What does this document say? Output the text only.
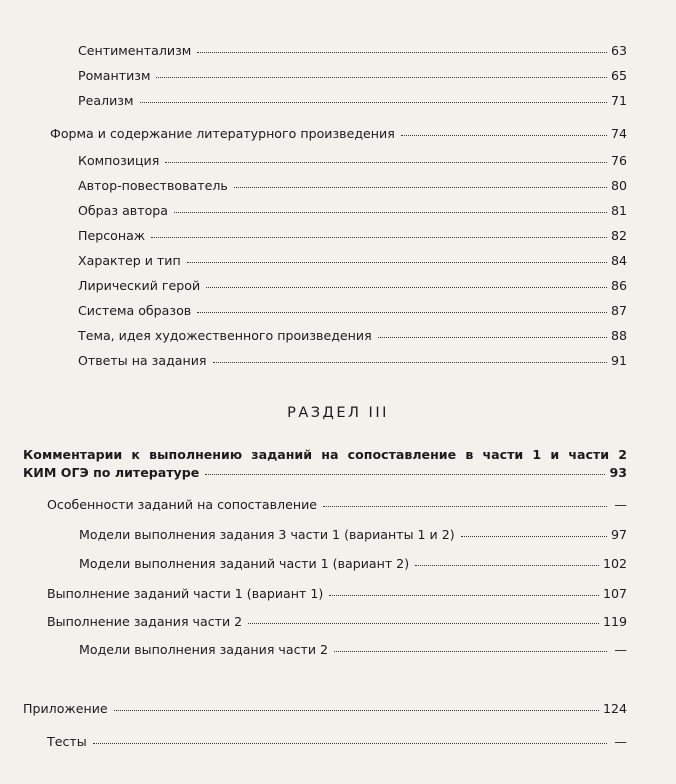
Сентиментализм	63
Романтизм	65
Реализм	71
Форма и содержание литературного произведения	74
Композиция	76
Автор-повествователь	80
Образ автора	81
Персонаж	82
Характер и тип	84
Лирический герой	86
Система образов	87
Тема, идея художественного произведения	88
Ответы на задания	91
РАЗДЕЛ III
Комментарии к выполнению заданий на сопоставление в части 1 и части 2
КИМ ОГЭ по литературе	93
Особенности заданий на сопоставление	—
Модели выполнения задания 3 части 1 (варианты 1 и 2)	97
Модели выполнения заданий части 1 (вариант 2)	102
Выполнение заданий части 1 (вариант 1)	107
Выполнение задания части 2	119
Модели выполнения задания части 2	—
Приложение	124
Тесты	—
